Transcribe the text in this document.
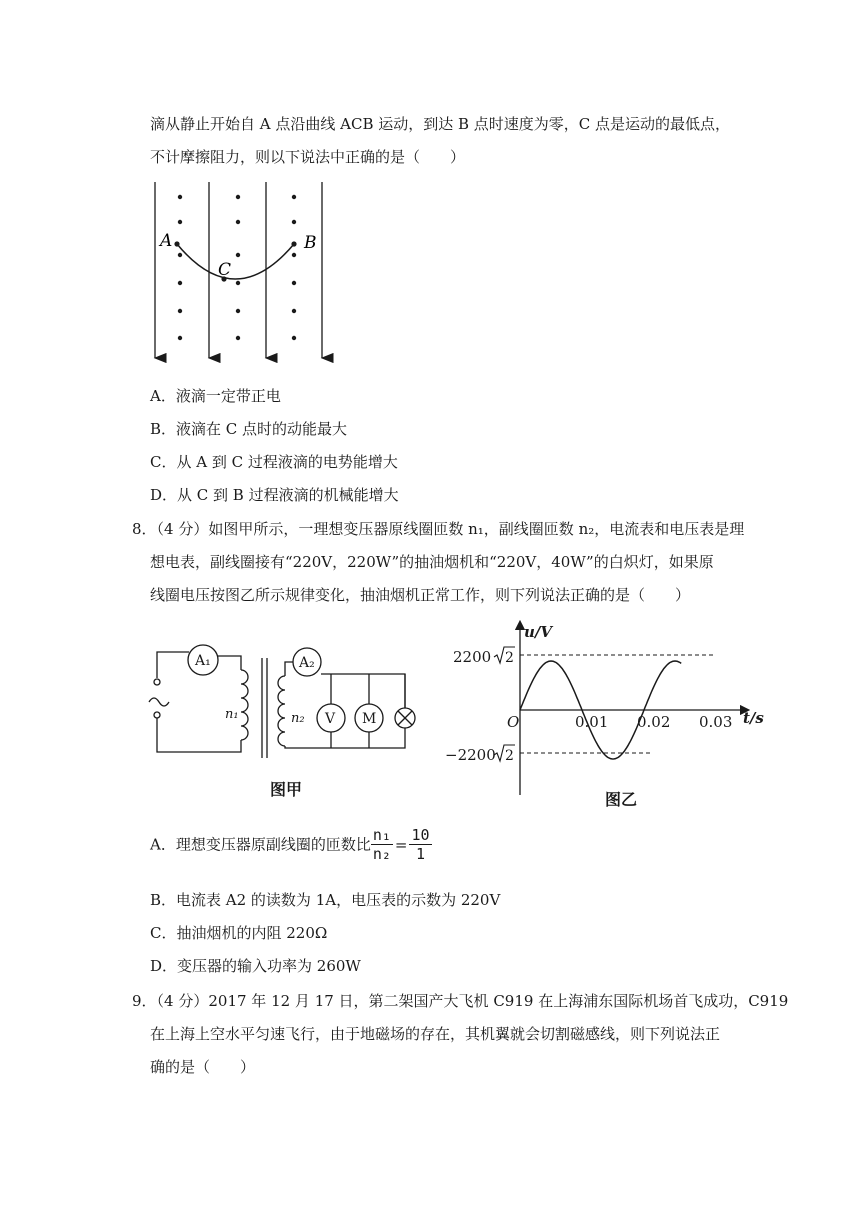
滴从静止开始自 A 点沿曲线 ACB 运动，到达 B 点时速度为零，C 点是运动的最低点，
不计摩擦阻力，则以下说法中正确的是（　　）
A	B
C
A．液滴一定带正电
B．液滴在 C 点时的动能最大
C．从 A 到 C 过程液滴的电势能增大
D．从 C 到 B 过程液滴的机械能增大
8．（4 分）如图甲所示，一理想变压器原线圈匝数 n₁，副线圈匝数 n₂，电流表和电压表是理
想电表，副线圈接有“220V，220W”的抽油烟机和“220V，40W”的白炽灯，如果原
线圈电压按图乙所示规律变化，抽油烟机正常工作，则下列说法正确的是（　　）
A₁	A₂
n₁	n₂ V M
图甲
u/V
t/s
O
2200
−2200
0.01 0.02 0.03
图乙
2
2
A．理想变压器原副线圈的匝数比 $\frac{\text{n₁}}{\text{n₂}} = \frac{10}{1}$
B．电流表 A2 的读数为 1A，电压表的示数为 220V
C．抽油烟机的内阻 220Ω
D．变压器的输入功率为 260W
9．（4 分）2017 年 12 月 17 日，第二架国产大飞机 C919 在上海浦东国际机场首飞成功，C919
在上海上空水平匀速飞行，由于地磁场的存在，其机翼就会切割磁感线，则下列说法正
确的是（　　）
